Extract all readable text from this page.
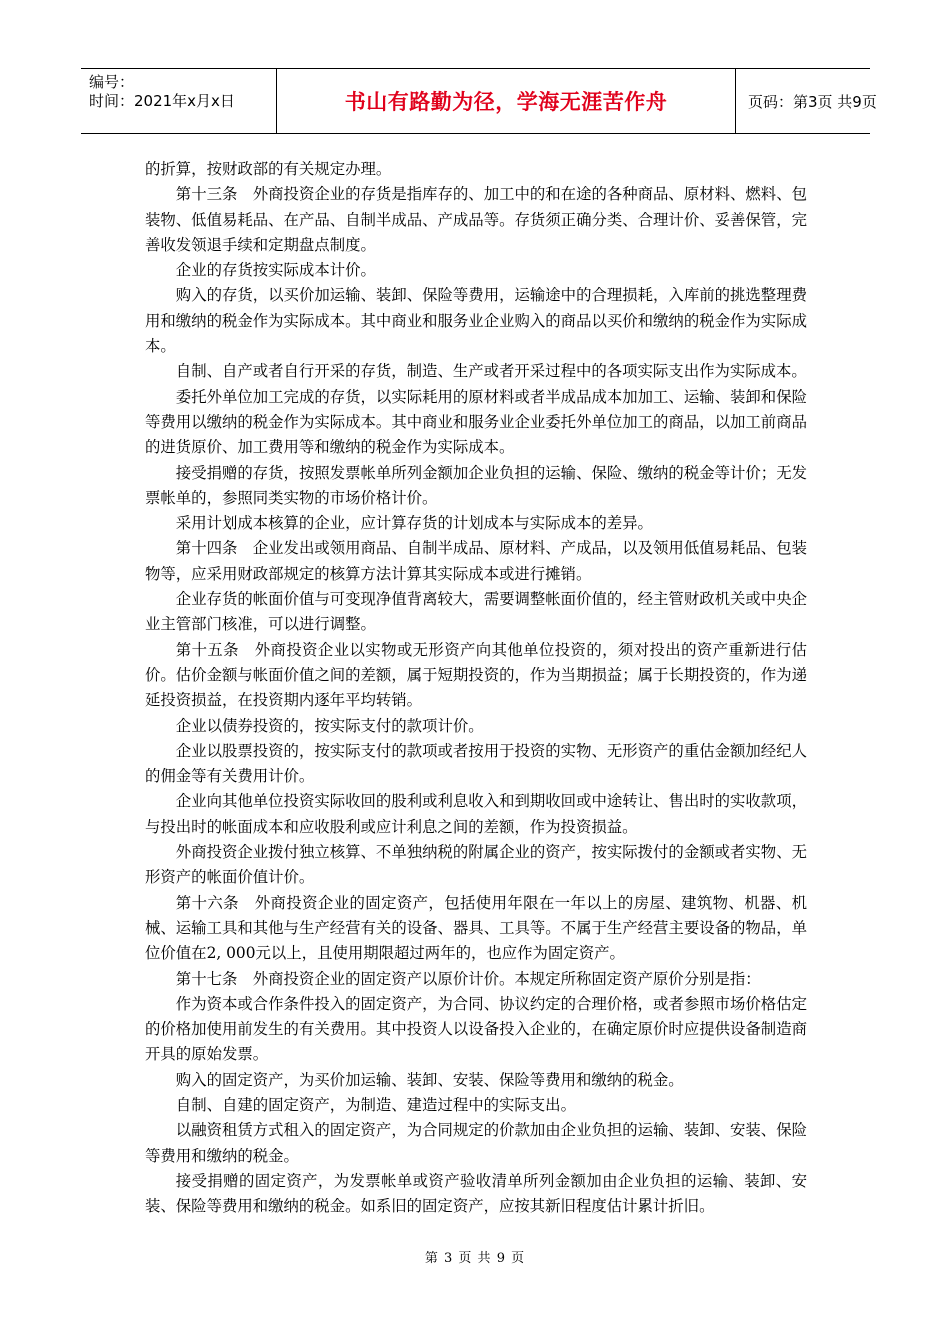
编号：
时间：2021年x月x日	书山有路勤为径，学海无涯苦作舟	页码：第3页 共9页

的折算，按财政部的有关规定办理。

第十三条　外商投资企业的存货是指库存的、加工中的和在途的各种商品、原材料、燃料、包装物、低值易耗品、在产品、自制半成品、产成品等。存货须正确分类、合理计价、妥善保管，完善收发领退手续和定期盘点制度。

企业的存货按实际成本计价。

购入的存货，以买价加运输、装卸、保险等费用，运输途中的合理损耗，入库前的挑选整理费用和缴纳的税金作为实际成本。其中商业和服务业企业购入的商品以买价和缴纳的税金作为实际成本。

自制、自产或者自行开采的存货，制造、生产或者开采过程中的各项实际支出作为实际成本。

委托外单位加工完成的存货，以实际耗用的原材料或者半成品成本加加工、运输、装卸和保险等费用以缴纳的税金作为实际成本。其中商业和服务业企业委托外单位加工的商品，以加工前商品的进货原价、加工费用等和缴纳的税金作为实际成本。

接受捐赠的存货，按照发票帐单所列金额加企业负担的运输、保险、缴纳的税金等计价；无发票帐单的，参照同类实物的市场价格计价。

采用计划成本核算的企业，应计算存货的计划成本与实际成本的差异。

第十四条　企业发出或领用商品、自制半成品、原材料、产成品，以及领用低值易耗品、包装物等，应采用财政部规定的核算方法计算其实际成本或进行摊销。

企业存货的帐面价值与可变现净值背离较大，需要调整帐面价值的，经主管财政机关或中央企业主管部门核准，可以进行调整。

第十五条　外商投资企业以实物或无形资产向其他单位投资的，须对投出的资产重新进行估价。估价金额与帐面价值之间的差额，属于短期投资的，作为当期损益；属于长期投资的，作为递延投资损益，在投资期内逐年平均转销。

企业以债券投资的，按实际支付的款项计价。

企业以股票投资的，按实际支付的款项或者按用于投资的实物、无形资产的重估金额加经纪人的佣金等有关费用计价。

企业向其他单位投资实际收回的股利或利息收入和到期收回或中途转让、售出时的实收款项，与投出时的帐面成本和应收股利或应计利息之间的差额，作为投资损益。

外商投资企业拨付独立核算、不单独纳税的附属企业的资产，按实际拨付的金额或者实物、无形资产的帐面价值计价。

第十六条　外商投资企业的固定资产，包括使用年限在一年以上的房屋、建筑物、机器、机械、运输工具和其他与生产经营有关的设备、器具、工具等。不属于生产经营主要设备的物品，单位价值在2, 000元以上，且使用期限超过两年的，也应作为固定资产。

第十七条　外商投资企业的固定资产以原价计价。本规定所称固定资产原价分别是指：

作为资本或合作条件投入的固定资产，为合同、协议约定的合理价格，或者参照市场价格估定的价格加使用前发生的有关费用。其中投资人以设备投入企业的，在确定原价时应提供设备制造商开具的原始发票。

购入的固定资产，为买价加运输、装卸、安装、保险等费用和缴纳的税金。

自制、自建的固定资产，为制造、建造过程中的实际支出。

以融资租赁方式租入的固定资产，为合同规定的价款加由企业负担的运输、装卸、安装、保险等费用和缴纳的税金。

接受捐赠的固定资产，为发票帐单或资产验收清单所列金额加由企业负担的运输、装卸、安装、保险等费用和缴纳的税金。如系旧的固定资产，应按其新旧程度估计累计折旧。

第 3 页 共 9 页
